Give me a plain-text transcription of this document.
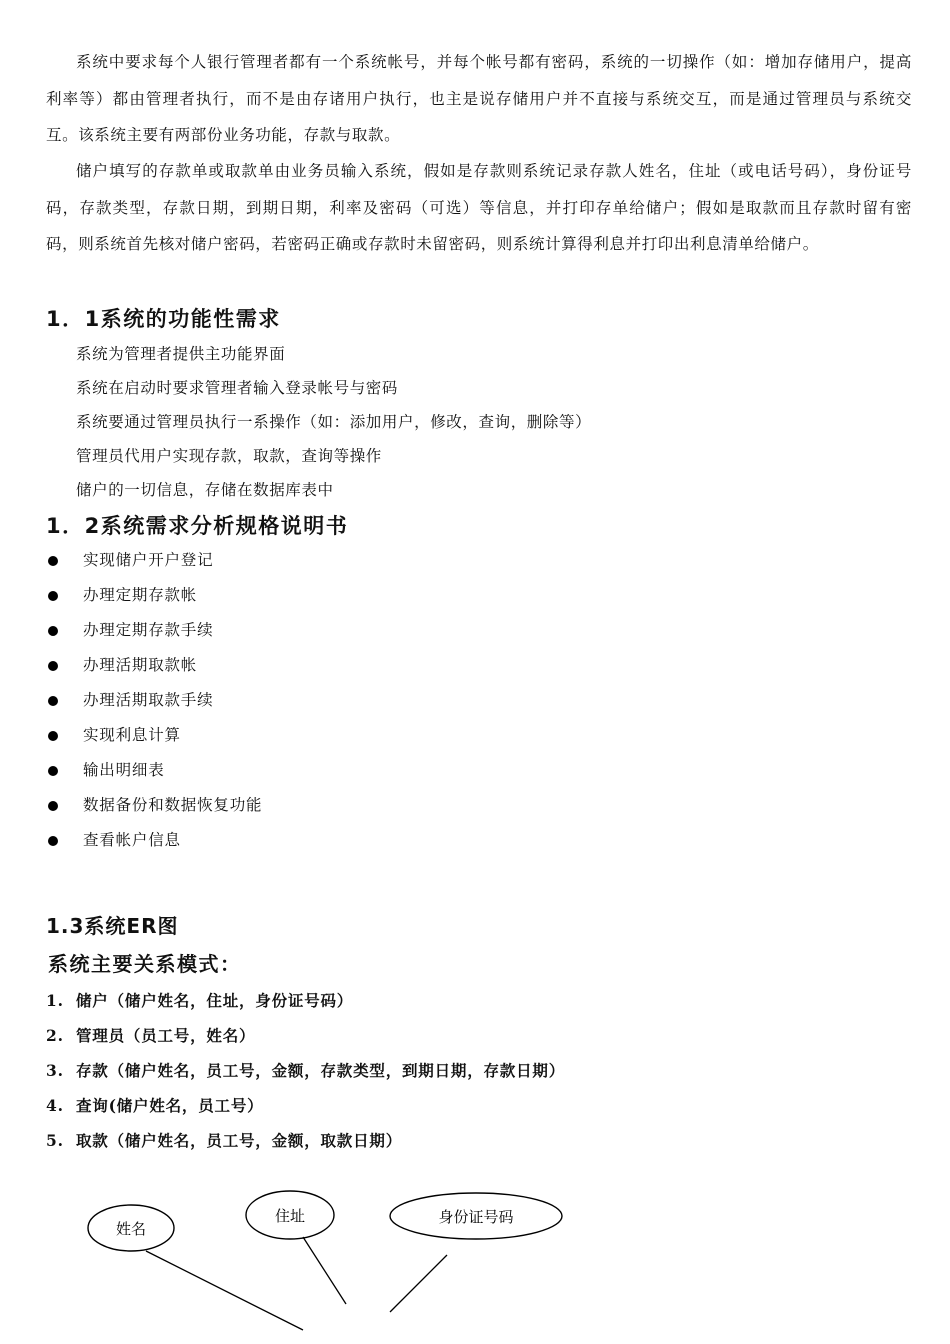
系统中要求每个人银行管理者都有一个系统帐号，并每个帐号都有密码，系统的一切操作（如：增加存储用户，提高利率等）都由管理者执行，而不是由存诸用户执行，也主是说存储用户并不直接与系统交互，而是通过管理员与系统交互。该系统主要有两部份业务功能，存款与取款。

储户填写的存款单或取款单由业务员输入系统，假如是存款则系统记录存款人姓名，住址（或电话号码），身份证号码，存款类型，存款日期，到期日期，利率及密码（可选）等信息，并打印存单给储户；假如是取款而且存款时留有密码，则系统首先核对储户密码，若密码正确或存款时未留密码，则系统计算得利息并打印出利息清单给储户。

1．1系统的功能性需求
系统为管理者提供主功能界面
系统在启动时要求管理者输入登录帐号与密码
系统要通过管理员执行一系操作（如：添加用户，修改，查询，删除等）
管理员代用户实现存款，取款，查询等操作
储户的一切信息，存储在数据库表中
1．2系统需求分析规格说明书
实现储户开户登记
办理定期存款帐
办理定期存款手续
办理活期取款帐
办理活期取款手续
实现利息计算
输出明细表
数据备份和数据恢复功能
查看帐户信息
1.3系统ER图
系统主要关系模式：
1. 储户（储户姓名，住址，身份证号码）
2. 管理员（员工号，姓名）
3. 存款（储户姓名，员工号，金额，存款类型，到期日期，存款日期）
4. 查询(储户姓名，员工号）
5. 取款（储户姓名，员工号，金额，取款日期）
姓名
住址	身份证号码
